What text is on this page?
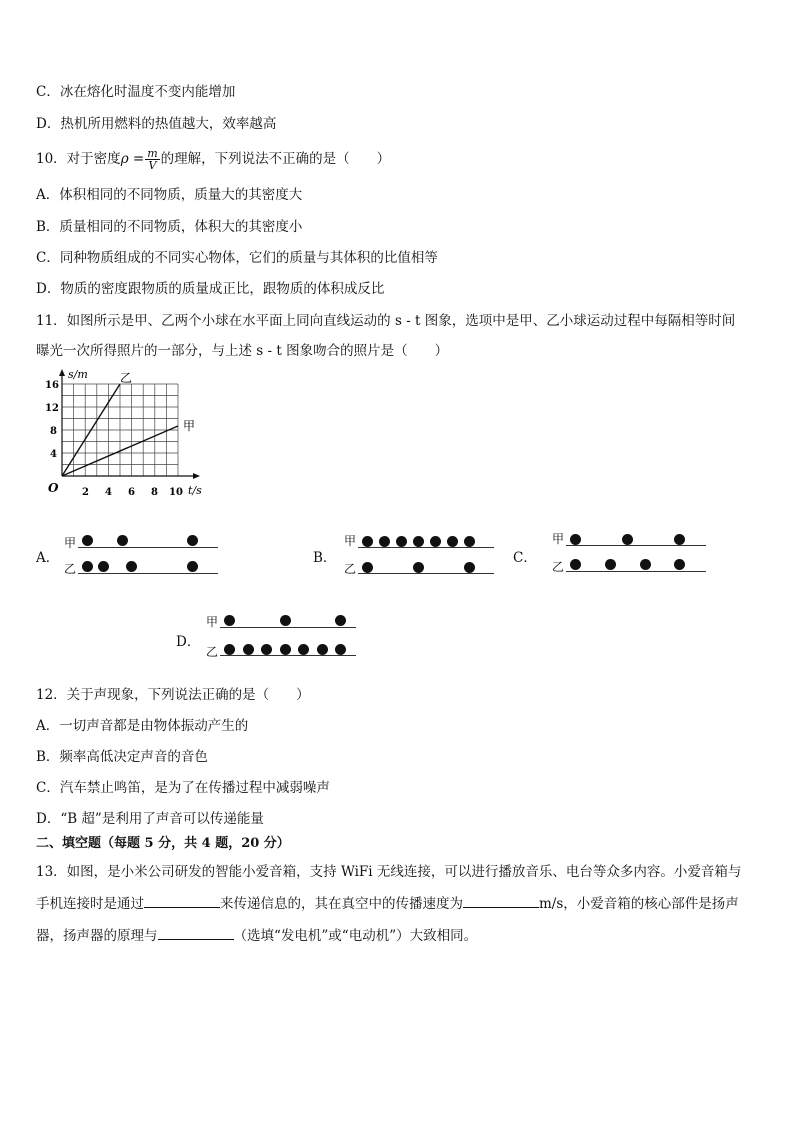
C．冰在熔化时温度不变内能增加
D．热机所用燃料的热值越大，效率越高
10．对于密度$\rho = \frac{m}{V}$ 的理解，下列说法不正确的是（　　）
A．体积相同的不同物质，质量大的其密度大
B．质量相同的不同物质，体积大的其密度小
C．同种物质组成的不同实心物体，它们的质量与其体积的比值相等
D．物质的密度跟物质的质量成正比，跟物质的体积成反比
11．如图所示是甲、乙两个小球在水平面上同向直线运动的 s - t 图象，选项中是甲、乙小球运动过程中每隔相等时间
曝光一次所得照片的一部分，与上述 s - t 图象吻合的照片是（　　）
s/m
t/s
O
16
12
8
4
2 4 6 8 10
乙
甲
A．
甲
乙
B．
甲
乙
C．
甲
乙
D．
甲
乙
12．关于声现象，下列说法正确的是（　　）
A．一切声音都是由物体振动产生的
B．频率高低决定声音的音色
C．汽车禁止鸣笛，是为了在传播过程中减弱噪声
D．“B 超”是利用了声音可以传递能量
二、填空题（每题 5 分，共 4 题，20 分）
13．如图，是小米公司研发的智能小爱音箱，支持 WiFi 无线连接，可以进行播放音乐、电台等众多内容。小爱音箱与
手机连接时是通过	来传递信息的，其在真空中的传播速度为	m/s，小爱音箱的核心部件是扬声
器，扬声器的原理与	（选填“发电机”或“电动机”）大致相同。
